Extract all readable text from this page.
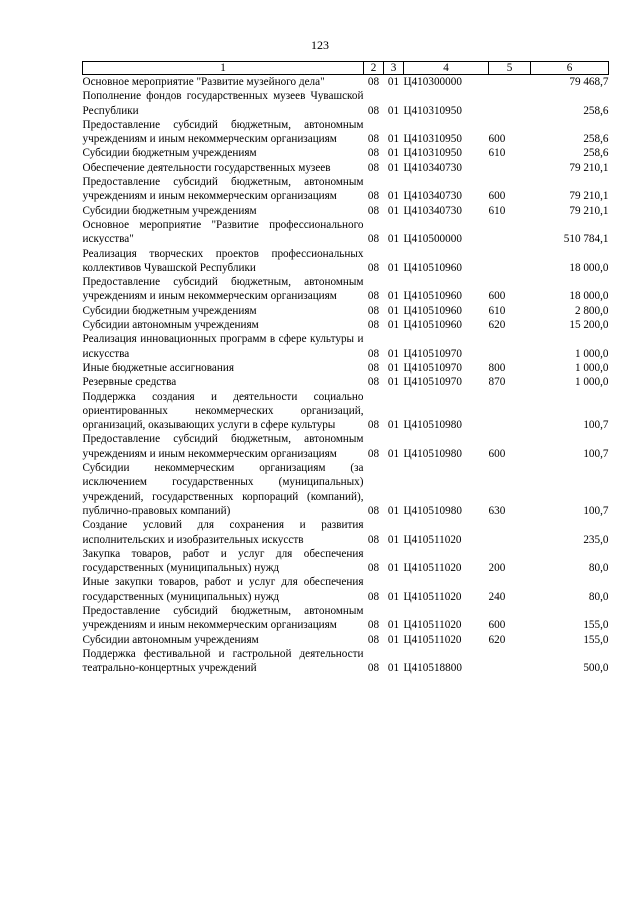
123
1	2	3	4	5	6
Основное мероприятие "Развитие музейного дела"	08	01	Ц410300000		79 468,7
Пополнение фондов государственных музеев Чувашской Республики	08	01	Ц410310950		258,6
Предоставление субсидий бюджетным, автономным учреждениям и иным некоммерческим организациям	08	01	Ц410310950	600	258,6
Субсидии бюджетным учреждениям	08	01	Ц410310950	610	258,6
Обеспечение деятельности государственных музеев	08	01	Ц410340730		79 210,1
Предоставление субсидий бюджетным, автономным учреждениям и иным некоммерческим организациям	08	01	Ц410340730	600	79 210,1
Субсидии бюджетным учреждениям	08	01	Ц410340730	610	79 210,1
Основное мероприятие "Развитие профессионального искусства"	08	01	Ц410500000		510 784,1
Реализация творческих проектов профессиональных коллективов Чувашской Республики	08	01	Ц410510960		18 000,0
Предоставление субсидий бюджетным, автономным учреждениям и иным некоммерческим организациям	08	01	Ц410510960	600	18 000,0
Субсидии бюджетным учреждениям	08	01	Ц410510960	610	2 800,0
Субсидии автономным учреждениям	08	01	Ц410510960	620	15 200,0
Реализация инновационных программ в сфере культуры и искусства	08	01	Ц410510970		1 000,0
Иные бюджетные ассигнования	08	01	Ц410510970	800	1 000,0
Резервные средства	08	01	Ц410510970	870	1 000,0
Поддержка создания и деятельности социально ориентированных некоммерческих организаций, организаций, оказывающих услуги в сфере культуры	08	01	Ц410510980		100,7
Предоставление субсидий бюджетным, автономным учреждениям и иным некоммерческим организациям	08	01	Ц410510980	600	100,7
Субсидии некоммерческим организациям (за исключением государственных (муниципальных) учреждений, государственных корпораций (компаний), публично-правовых компаний)	08	01	Ц410510980	630	100,7
Создание условий для сохранения и развития исполнительских и изобразительных искусств	08	01	Ц410511020		235,0
Закупка товаров, работ и услуг для обеспечения государственных (муниципальных) нужд	08	01	Ц410511020	200	80,0
Иные закупки товаров, работ и услуг для обеспечения государственных (муниципальных) нужд	08	01	Ц410511020	240	80,0
Предоставление субсидий бюджетным, автономным учреждениям и иным некоммерческим организациям	08	01	Ц410511020	600	155,0
Субсидии автономным учреждениям	08	01	Ц410511020	620	155,0
Поддержка фестивальной и гастрольной деятельности театрально-концертных учреждений	08	01	Ц410518800		500,0
